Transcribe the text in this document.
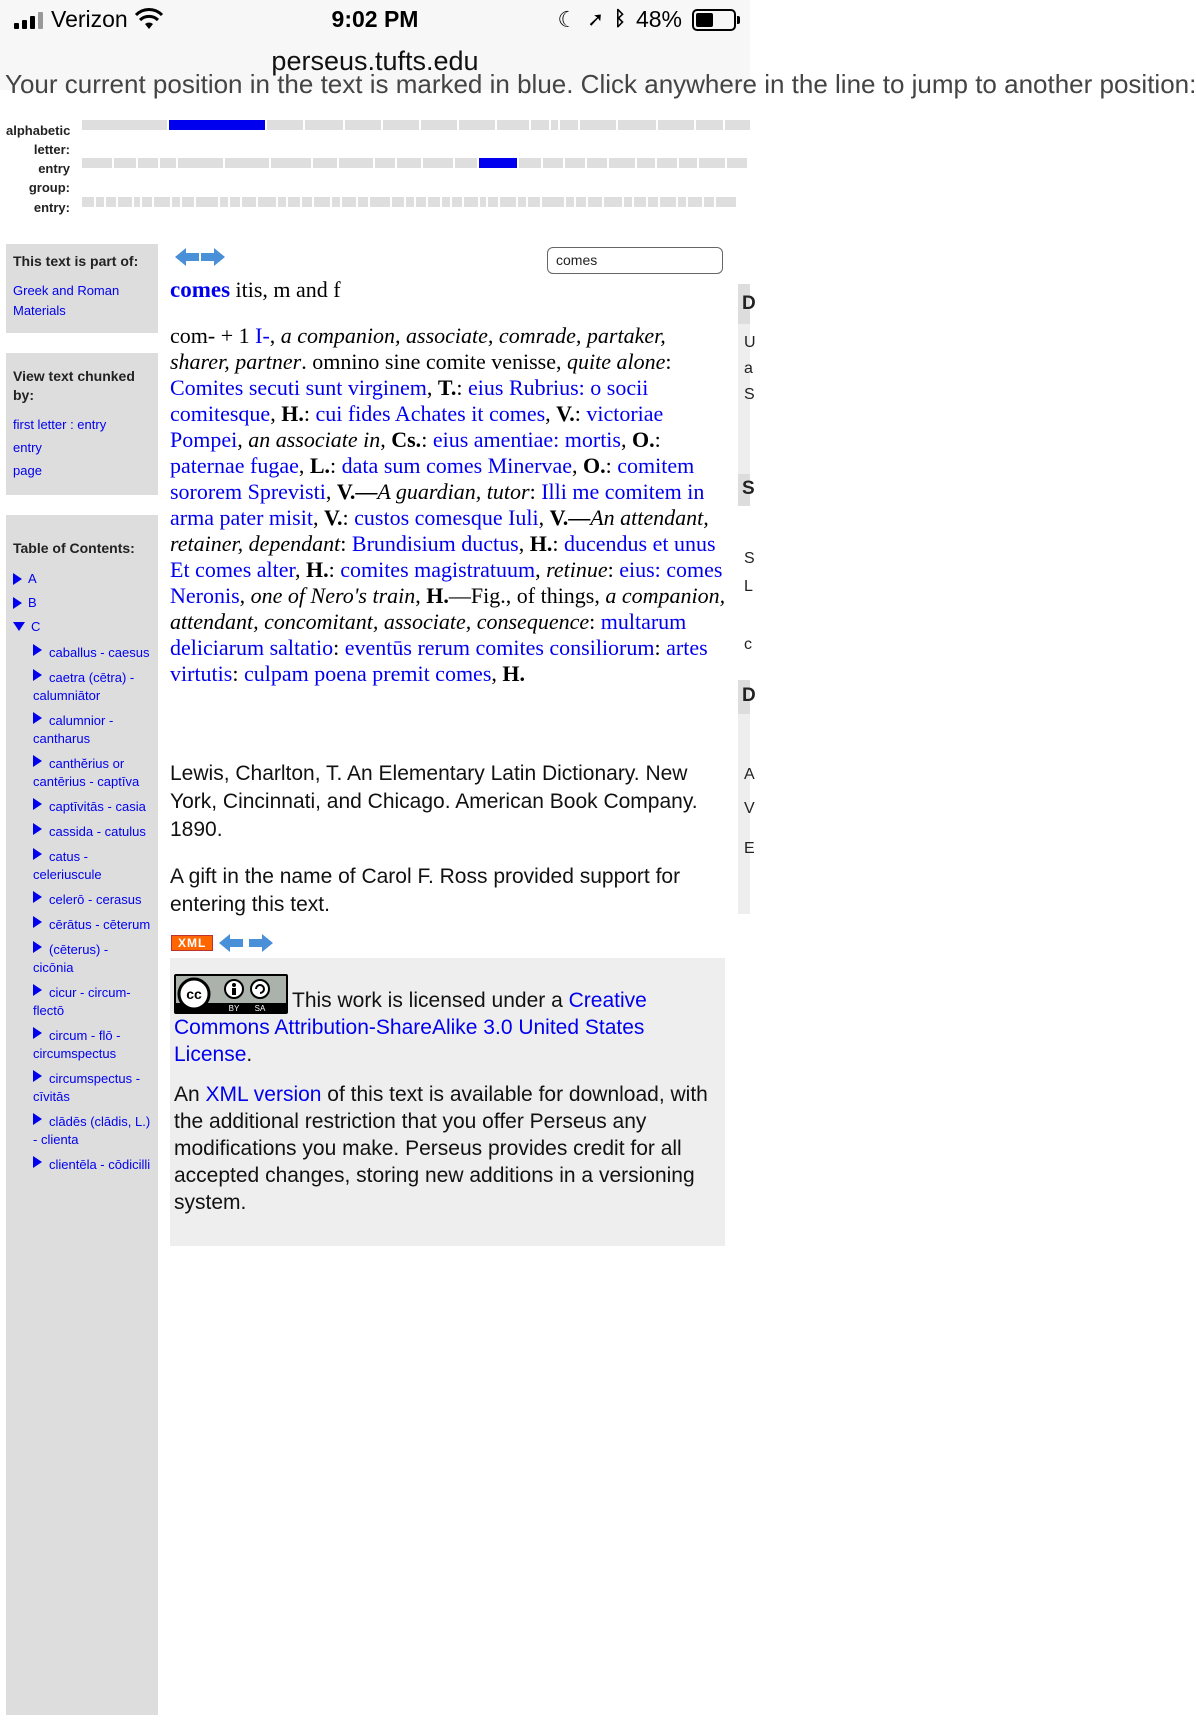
Verizon	9:02 PM	☾ ➚ ᛒ 48%
perseus.tufts.edu
Your current position in the text is marked in blue. Click anywhere in the line to jump to another position:
alphabetic letter:
entry group:
entry:
This text is part of:
Greek and Roman Materials
View text chunked by:
first letter : entry
entry
page
Table of Contents:
A
B
C
caballus - caesus
caetra (cētra) - calumniātor
calumnior - cantharus
canthĕrius or cantērius - captīva
captīvitās - casia
cassida - catulus
catus - celeriuscule
celerō - cerasus
cērātus - cēterum
(cēterus) - cicōnia
cicur - circum-flectō
circum - flō - circumspectus
circumspectus - cīvitās
clādēs (clādis, L.) - clienta
clientēla - cōdicilli
comes

comes itis, m and f

com- + 1 I-, a companion, associate, comrade, partaker, sharer, partner. omnino sine comite venisse, quite alone: Comites secuti sunt virginem, T.: eius Rubrius: o socii comitesque, H.: cui fides Achates it comes, V.: victoriae Pompei, an associate in, Cs.: eius amentiae: mortis, O.: paternae fugae, L.: data sum comes Minervae, O.: comitem sororem Sprevisti, V.—A guardian, tutor: Illi me comitem in arma pater misit, V.: custos comesque Iuli, V.—An attendant, retainer, dependant: Brundisium ductus, H.: ducendus et unus Et comes alter, H.: comites magistratuum, retinue: eius: comes Neronis, one of Nero's train, H.—Fig., of things, a companion, attendant, concomitant, associate, consequence: multarum deliciarum saltatio: eventūs rerum comites consiliorum: artes virtutis: culpam poena premit comes, H.

Lewis, Charlton, T. An Elementary Latin Dictionary. New York, Cincinnati, and Chicago. American Book Company. 1890.
A gift in the name of Carol F. Ross provided support for entering this text.
XML
cc
BY SA This work is licensed under a Creative Commons Attribution-ShareAlike 3.0 United States License.
An XML version of this text is available for download, with the additional restriction that you offer Perseus any modifications you make. Perseus provides credit for all accepted changes, storing new additions in a versioning system.
D
U
a
S
S
S
L
c
D
A
V
E
